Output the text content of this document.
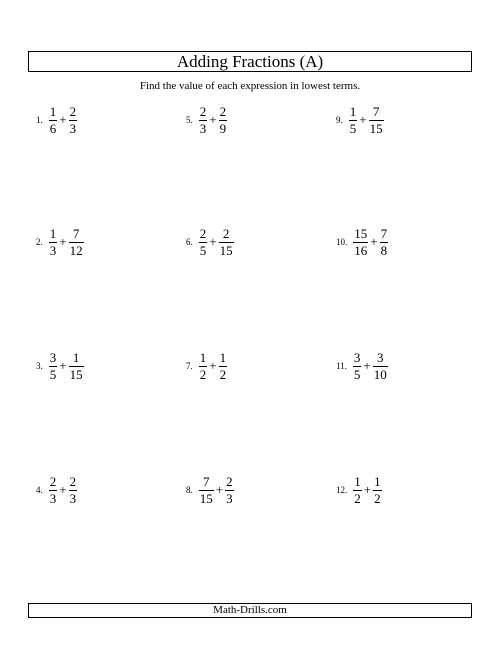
Adding Fractions (A)
Find the value of each expression in lowest terms.
1. $\frac{1}{6} + \frac{2}{3}$
2. $\frac{1}{3} + \frac{7}{12}$
3. $\frac{3}{5} + \frac{1}{15}$
4. $\frac{2}{3} + \frac{2}{3}$
5. $\frac{2}{3} + \frac{2}{9}$
6. $\frac{2}{5} + \frac{2}{15}$
7. $\frac{1}{2} + \frac{1}{2}$
8. $\frac{7}{15} + \frac{2}{3}$
9. $\frac{1}{5} + \frac{7}{15}$
10. $\frac{15}{16} + \frac{7}{8}$
11. $\frac{3}{5} + \frac{3}{10}$
12. $\frac{1}{2} + \frac{1}{2}$
Math-Drills.com
